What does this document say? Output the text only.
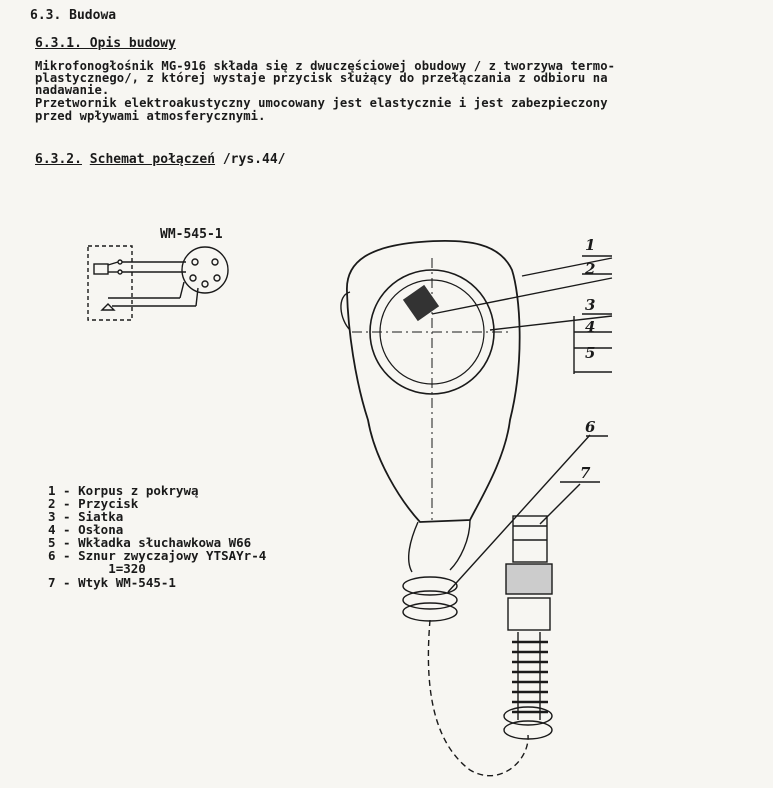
6.3. Budowa
6.3.1. Opis budowy
Mikrofonogłośnik MG-916 składa się z dwuczęściowej obudowy / z tworzywa termo-
plastycznego/, z której wystaje przycisk służący do przełączania z odbioru na
nadawanie.
Przetwornik elektroakustyczny umocowany jest elastycznie i jest zabezpieczony
przed wpływami atmosferycznymi.
6.3.2. Schemat połączeń /rys.44/
WM-545-1
1
2
3
4
5
6
7
1 - Korpus z pokrywą
2 - Przycisk
3 - Siatka
4 - Osłona
5 - Wkładka słuchawkowa W66
6 - Sznur zwyczajowy YTSAYr-4
1=320
7 - Wtyk WM-545-1
